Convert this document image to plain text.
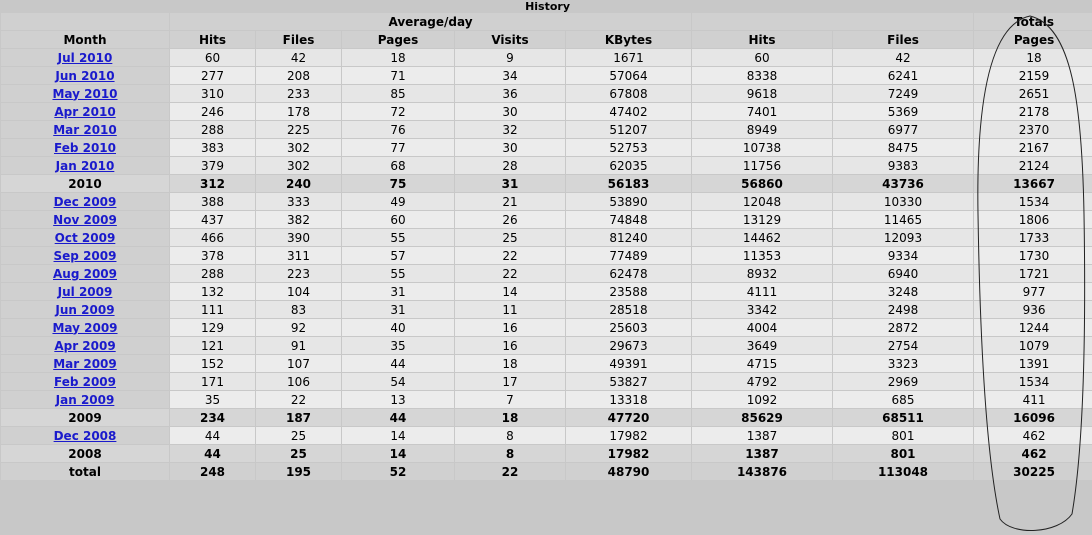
History								
	Average/day							Totals
Month	Hits	Files	Pages	Visits	KBytes	Hits	Files	Pages
Jul 2010	60	42	18	9	1671	60	42	18
Jun 2010	277	208	71	34	57064	8338	6241	2159
May 2010	310	233	85	36	67808	9618	7249	2651
Apr 2010	246	178	72	30	47402	7401	5369	2178
Mar 2010	288	225	76	32	51207	8949	6977	2370
Feb 2010	383	302	77	30	52753	10738	8475	2167
Jan 2010	379	302	68	28	62035	11756	9383	2124
2010	312	240	75	31	56183	56860	43736	13667
Dec 2009	388	333	49	21	53890	12048	10330	1534
Nov 2009	437	382	60	26	74848	13129	11465	1806
Oct 2009	466	390	55	25	81240	14462	12093	1733
Sep 2009	378	311	57	22	77489	11353	9334	1730
Aug 2009	288	223	55	22	62478	8932	6940	1721
Jul 2009	132	104	31	14	23588	4111	3248	977
Jun 2009	111	83	31	11	28518	3342	2498	936
May 2009	129	92	40	16	25603	4004	2872	1244
Apr 2009	121	91	35	16	29673	3649	2754	1079
Mar 2009	152	107	44	18	49391	4715	3323	1391
Feb 2009	171	106	54	17	53827	4792	2969	1534
Jan 2009	35	22	13	7	13318	1092	685	411
2009	234	187	44	18	47720	85629	68511	16096
Dec 2008	44	25	14	8	17982	1387	801	462
2008	44	25	14	8	17982	1387	801	462
total	248	195	52	22	48790	143876	113048	30225
